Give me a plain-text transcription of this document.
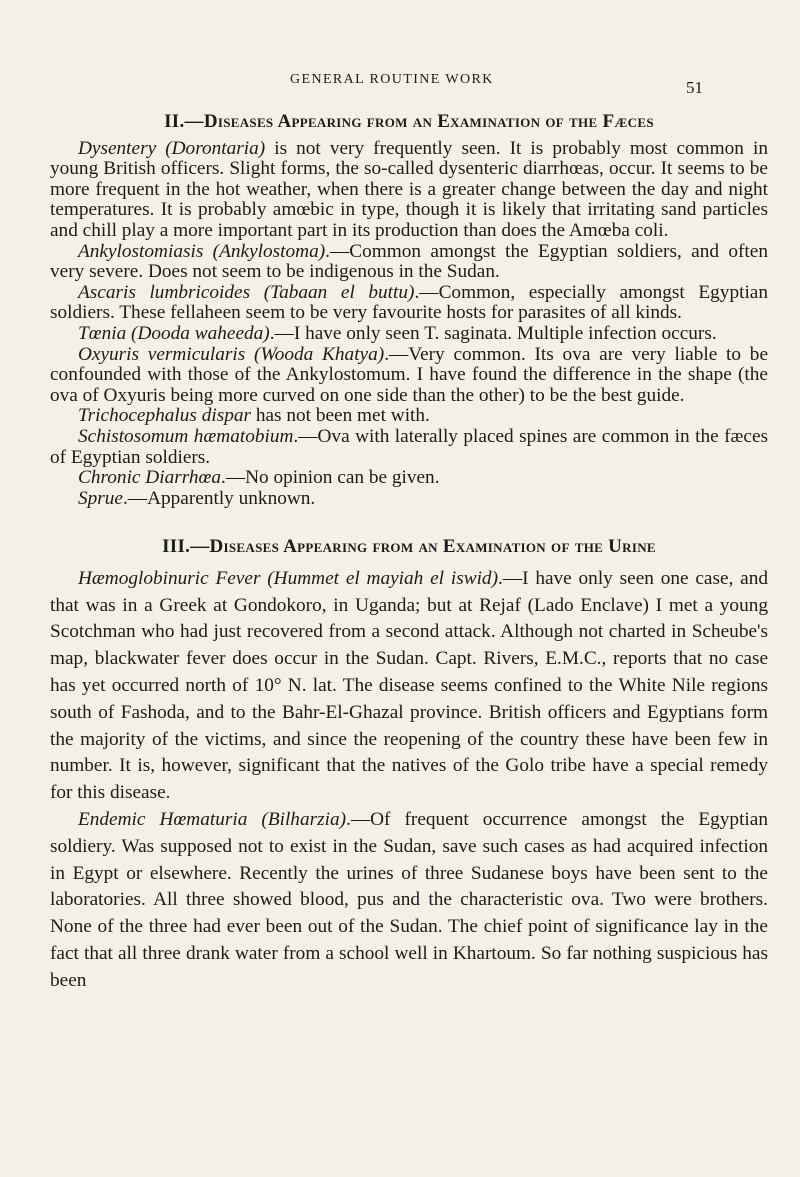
GENERAL ROUTINE WORK	51
II.—Diseases Appearing from an Examination of the Fæces

Dysentery (Dorontaria) is not very frequently seen. It is probably most common in young British officers. Slight forms, the so-called dysenteric diarrhœas, occur. It seems to be more frequent in the hot weather, when there is a greater change between the day and night temperatures. It is probably amœbic in type, though it is likely that irritating sand particles and chill play a more important part in its production than does the Amœba coli.

Ankylostomiasis (Ankylostoma).—Common amongst the Egyptian soldiers, and often very severe. Does not seem to be indigenous in the Sudan.

Ascaris lumbricoides (Tabaan el buttu).—Common, especially amongst Egyptian soldiers. These fellaheen seem to be very favourite hosts for parasites of all kinds.

Tœnia (Dooda waheeda).—I have only seen T. saginata. Multiple infection occurs.

Oxyuris vermicularis (Wooda Khatya).—Very common. Its ova are very liable to be confounded with those of the Ankylostomum. I have found the difference in the shape (the ova of Oxyuris being more curved on one side than the other) to be the best guide.

Trichocephalus dispar has not been met with.

Schistosomum hæmatobium.—Ova with laterally placed spines are common in the fæces of Egyptian soldiers.

Chronic Diarrhœa.—No opinion can be given.

Sprue.—Apparently unknown.

III.—Diseases Appearing from an Examination of the Urine

Hæmoglobinuric Fever (Hummet el mayiah el iswid).—I have only seen one case, and that was in a Greek at Gondokoro, in Uganda; but at Rejaf (Lado Enclave) I met a young Scotchman who had just recovered from a second attack. Although not charted in Scheube's map, blackwater fever does occur in the Sudan. Capt. Rivers, E.M.C., reports that no case has yet occurred north of 10° N. lat. The disease seems confined to the White Nile regions south of Fashoda, and to the Bahr-El-Ghazal province. British officers and Egyptians form the majority of the victims, and since the reopening of the country these have been few in number. It is, however, significant that the natives of the Golo tribe have a special remedy for this disease.

Endemic Hœmaturia (Bilharzia).—Of frequent occurrence amongst the Egyptian soldiery. Was supposed not to exist in the Sudan, save such cases as had acquired infection in Egypt or elsewhere. Recently the urines of three Sudanese boys have been sent to the laboratories. All three showed blood, pus and the characteristic ova. Two were brothers. None of the three had ever been out of the Sudan. The chief point of significance lay in the fact that all three drank water from a school well in Khartoum. So far nothing suspicious has been
